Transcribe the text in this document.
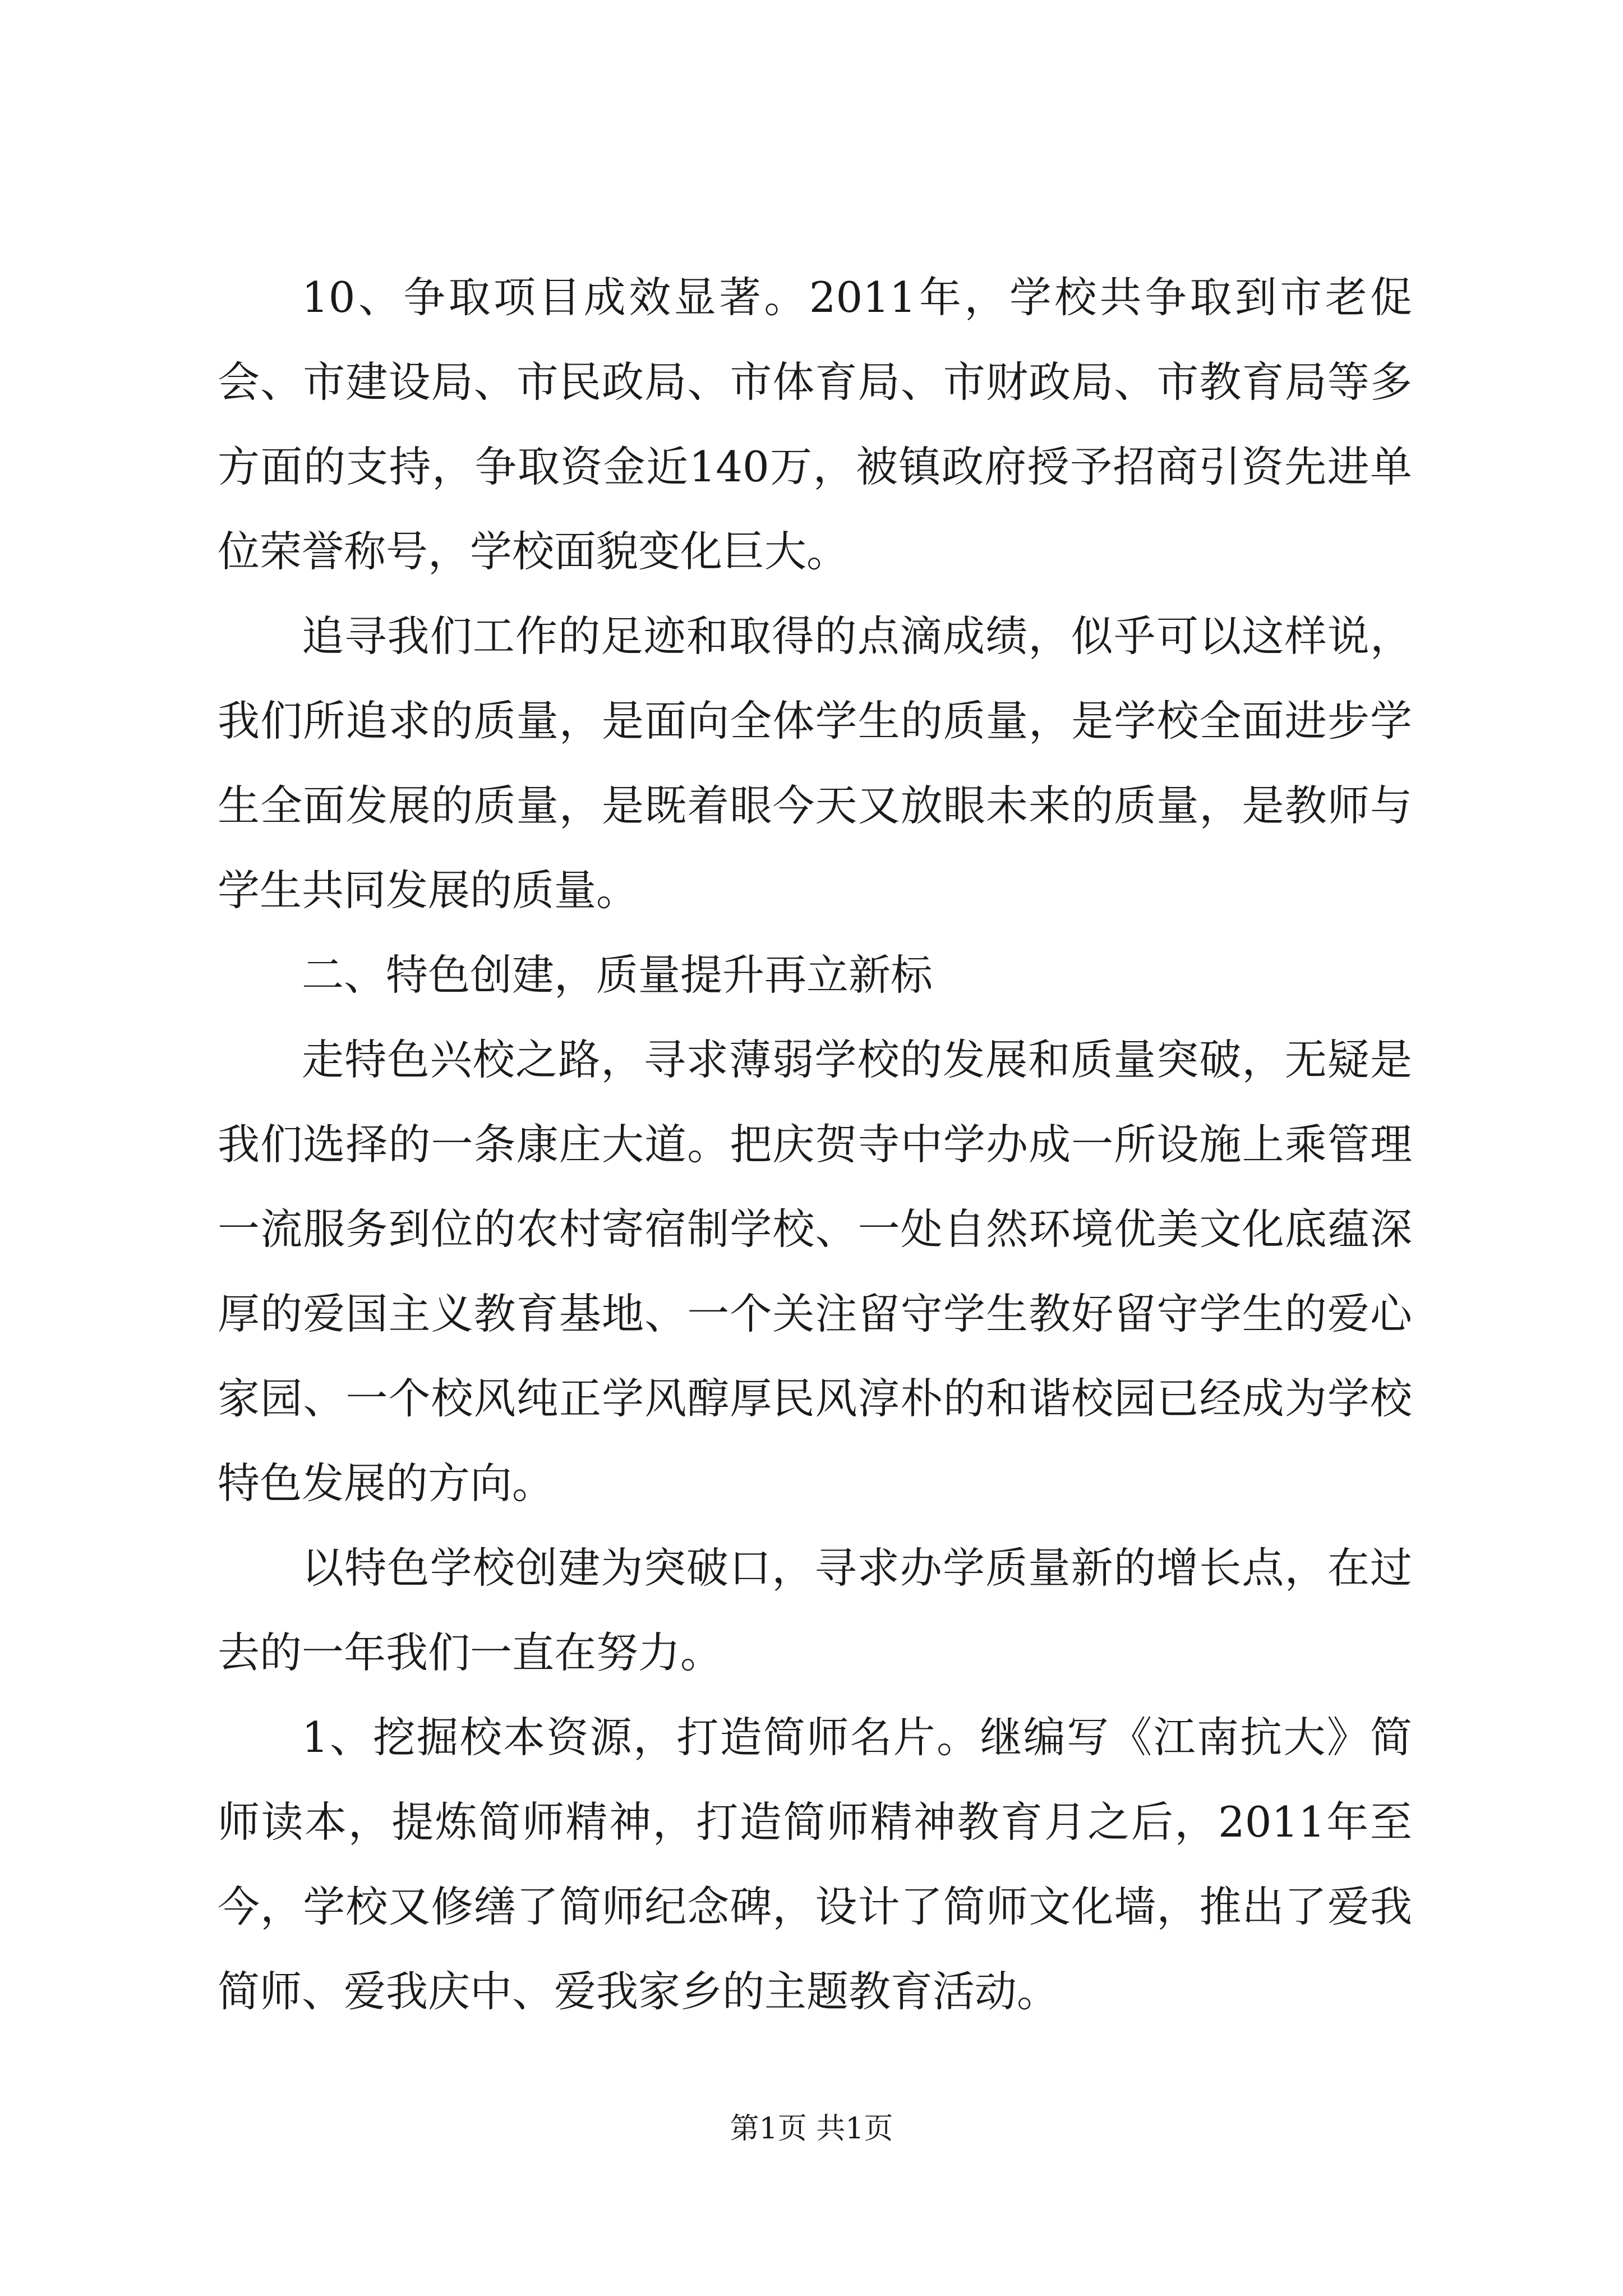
10、争取项目成效显著。2011年，学校共争取到市老促会、市建设局、市民政局、市体育局、市财政局、市教育局等多方面的支持，争取资金近140万，被镇政府授予招商引资先进单位荣誉称号，学校面貌变化巨大。

追寻我们工作的足迹和取得的点滴成绩，似乎可以这样说，我们所追求的质量，是面向全体学生的质量，是学校全面进步学生全面发展的质量，是既着眼今天又放眼未来的质量，是教师与学生共同发展的质量。

二、特色创建，质量提升再立新标

走特色兴校之路，寻求薄弱学校的发展和质量突破，无疑是我们选择的一条康庄大道。把庆贺寺中学办成一所设施上乘管理一流服务到位的农村寄宿制学校、一处自然环境优美文化底蕴深厚的爱国主义教育基地、一个关注留守学生教好留守学生的爱心家园、一个校风纯正学风醇厚民风淳朴的和谐校园已经成为学校特色发展的方向。

以特色学校创建为突破口，寻求办学质量新的增长点，在过去的一年我们一直在努力。

1、挖掘校本资源，打造简师名片。继编写《江南抗大》简师读本，提炼简师精神，打造简师精神教育月之后，2011年至今，学校又修缮了简师纪念碑，设计了简师文化墙，推出了爱我简师、爱我庆中、爱我家乡的主题教育活动。

第1页 共1页
